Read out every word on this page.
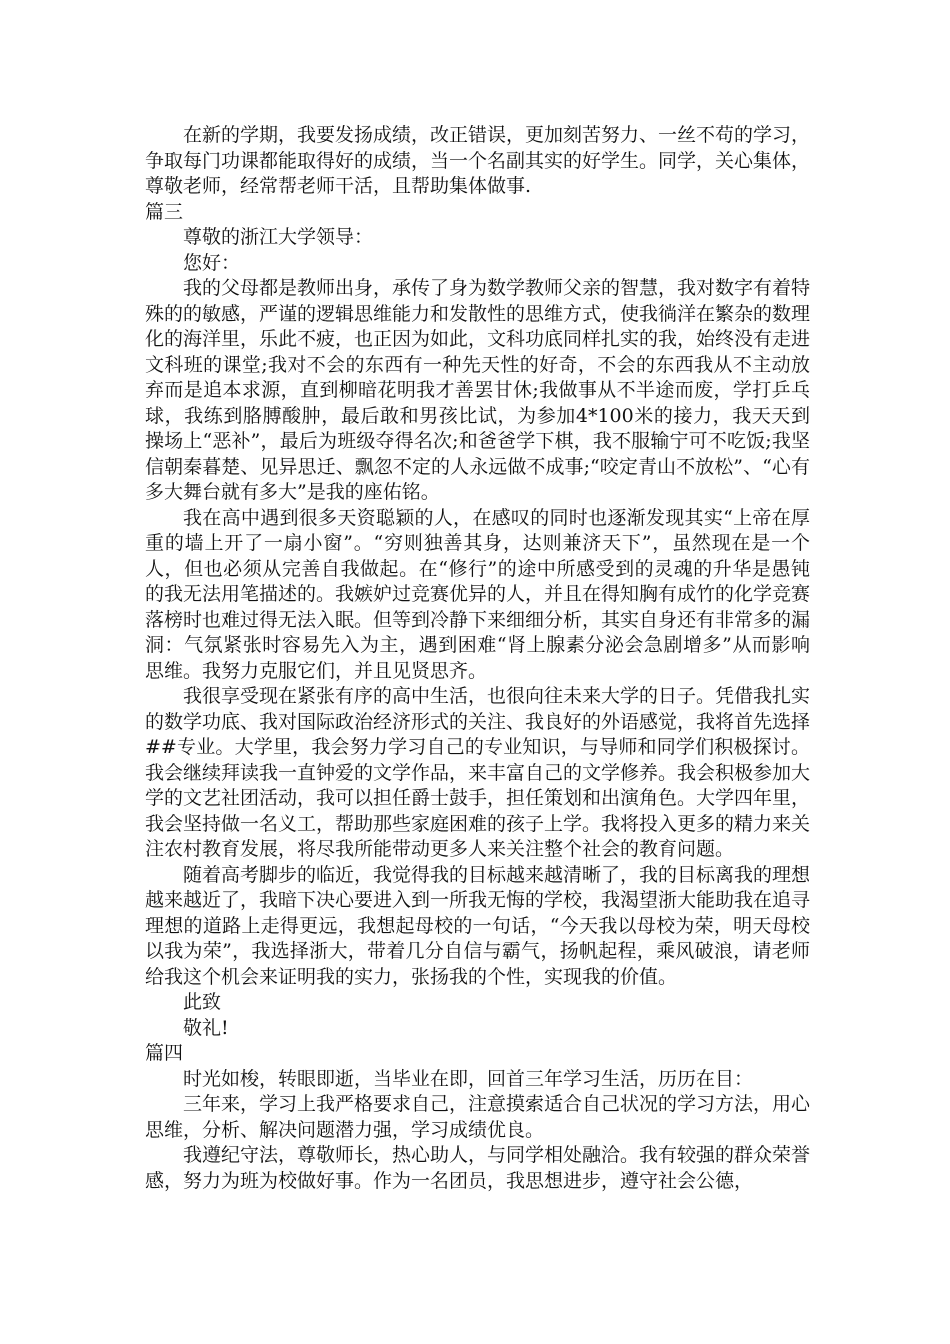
在新的学期，我要发扬成绩，改正错误，更加刻苦努力、一丝不苟的学习，争取每门功课都能取得好的成绩，当一个名副其实的好学生。同学，关心集体，尊敬老师，经常帮老师干活，且帮助集体做事.

篇三

尊敬的浙江大学领导：

您好：

我的父母都是教师出身，承传了身为数学教师父亲的智慧，我对数字有着特殊的的敏感，严谨的逻辑思维能力和发散性的思维方式，使我徜洋在繁杂的数理化的海洋里，乐此不疲，也正因为如此，文科功底同样扎实的我，始终没有走进文科班的课堂;我对不会的东西有一种先天性的好奇，不会的东西我从不主动放弃而是追本求源，直到柳暗花明我才善罢甘休;我做事从不半途而废，学打乒乓球，我练到胳膊酸肿，最后敢和男孩比试，为参加4*100米的接力，我天天到操场上“恶补”，最后为班级夺得名次;和爸爸学下棋，我不服输宁可不吃饭;我坚信朝秦暮楚、见异思迁、飘忽不定的人永远做不成事;“咬定青山不放松”、“心有多大舞台就有多大”是我的座佑铭。

我在高中遇到很多天资聪颖的人，在感叹的同时也逐渐发现其实“上帝在厚重的墙上开了一扇小窗”。“穷则独善其身，达则兼济天下”，虽然现在是一个人，但也必须从完善自我做起。在“修行”的途中所感受到的灵魂的升华是愚钝的我无法用笔描述的。我嫉妒过竞赛优异的人，并且在得知胸有成竹的化学竞赛落榜时也难过得无法入眠。但等到冷静下来细细分析，其实自身还有非常多的漏洞：气氛紧张时容易先入为主，遇到困难“肾上腺素分泌会急剧增多”从而影响思维。我努力克服它们，并且见贤思齐。

我很享受现在紧张有序的高中生活，也很向往未来大学的日子。凭借我扎实的数学功底、我对国际政治经济形式的关注、我良好的外语感觉，我将首先选择##专业。大学里，我会努力学习自己的专业知识，与导师和同学们积极探讨。我会继续拜读我一直钟爱的文学作品，来丰富自己的文学修养。我会积极参加大学的文艺社团活动，我可以担任爵士鼓手，担任策划和出演角色。大学四年里，我会坚持做一名义工，帮助那些家庭困难的孩子上学。我将投入更多的精力来关注农村教育发展，将尽我所能带动更多人来关注整个社会的教育问题。

随着高考脚步的临近，我觉得我的目标越来越清晰了，我的目标离我的理想越来越近了，我暗下决心要进入到一所我无悔的学校，我渴望浙大能助我在追寻理想的道路上走得更远，我想起母校的一句话，“今天我以母校为荣，明天母校以我为荣”，我选择浙大，带着几分自信与霸气，扬帆起程，乘风破浪，请老师给我这个机会来证明我的实力，张扬我的个性，实现我的价值。

此致

敬礼!

篇四

时光如梭，转眼即逝，当毕业在即，回首三年学习生活，历历在目：

三年来，学习上我严格要求自己，注意摸索适合自己状况的学习方法，用心思维，分析、解决问题潜力强，学习成绩优良。

我遵纪守法，尊敬师长，热心助人，与同学相处融洽。我有较强的群众荣誉感，努力为班为校做好事。作为一名团员，我思想进步，遵守社会公德，
